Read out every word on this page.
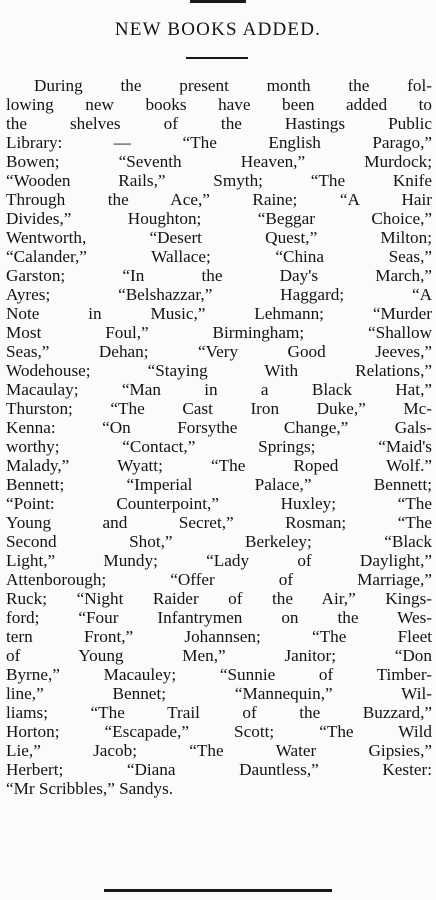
NEW BOOKS ADDED.
During the present month the fol-
lowing new books have been added to
the shelves of the Hastings Public
Library: — “The English Parago,”
Bowen; “Seventh Heaven,” Murdock;
“Wooden Rails,” Smyth; “The Knife
Through the Ace,” Raine; “A Hair
Divides,” Houghton; “Beggar Choice,”
Wentworth, “Desert Quest,” Milton;
“Calander,” Wallace; “China Seas,”
Garston; “In the Day's March,”
Ayres; “Belshazzar,” Haggard; “A
Note in Music,” Lehmann; “Murder
Most Foul,” Birmingham; “Shallow
Seas,” Dehan; “Very Good Jeeves,”
Wodehouse; “Staying With Relations,”
Macaulay; “Man in a Black Hat,”
Thurston; “The Cast Iron Duke,” Mc-
Kenna: “On Forsythe Change,” Gals-
worthy; “Contact,” Springs; “Maid's
Malady,” Wyatt; “The Roped Wolf.”
Bennett; “Imperial Palace,” Bennett;
“Point: Counterpoint,” Huxley; “The
Young and Secret,” Rosman; “The
Second Shot,” Berkeley; “Black
Light,” Mundy; “Lady of Daylight,”
Attenborough; “Offer of Marriage,”
Ruck; “Night Raider of the Air,” Kings-
ford; “Four Infantrymen on the Wes-
tern Front,” Johannsen; “The Fleet
of Young Men,” Janitor; “Don
Byrne,” Macauley; “Sunnie of Timber-
line,” Bennet; “Mannequin,” Wil-
liams; “The Trail of the Buzzard,”
Horton; “Escapade,” Scott; “The Wild
Lie,” Jacob; “The Water Gipsies,”
Herbert; “Diana Dauntless,” Kester:
“Mr Scribbles,” Sandys.
